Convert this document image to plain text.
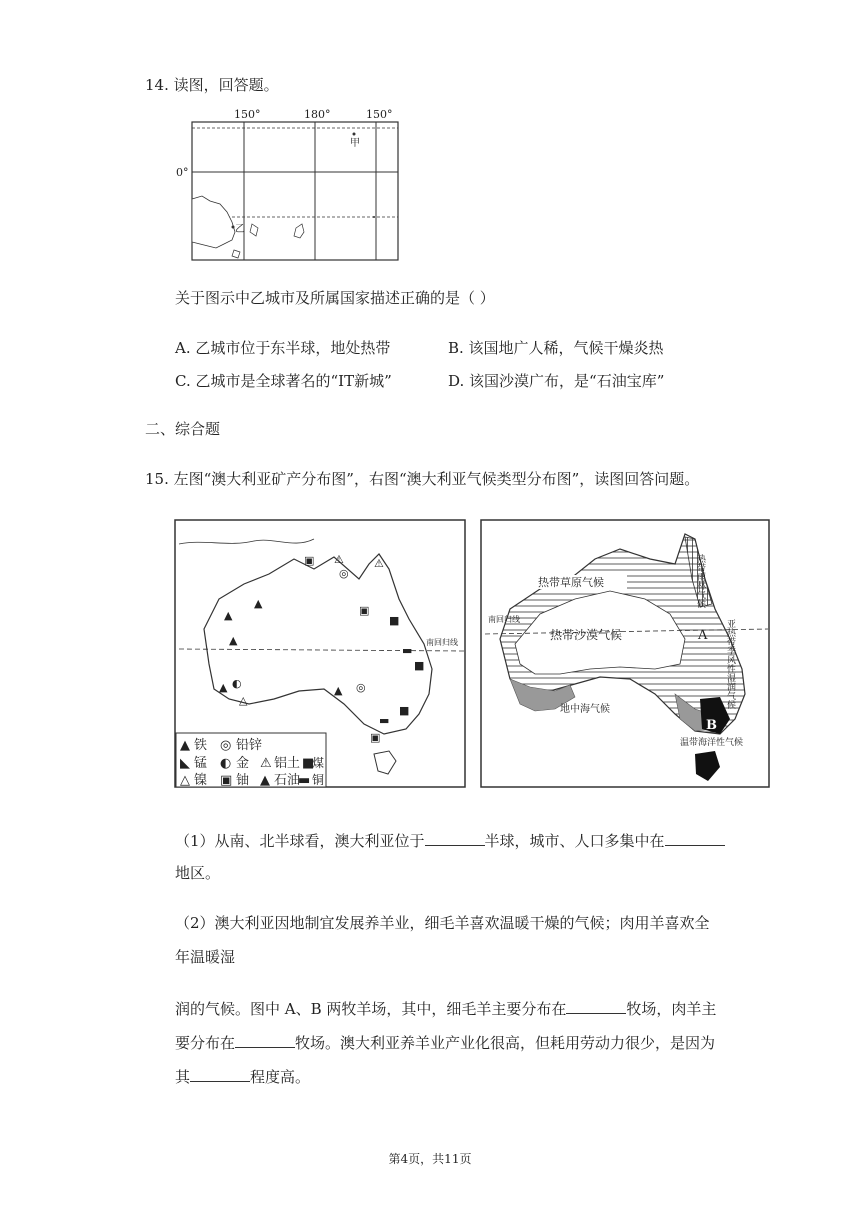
14. 读图，回答题。
150°	180°	150°
0°
甲
乙
关于图示中乙城市及所属国家描述正确的是（ ）
A. 乙城市位于东半球，地处热带	B. 该国地广人稀，气候干燥炎热
C. 乙城市是全球著名的“IT新城”	D. 该国沙漠广布，是“石油宝库”
二、综合题
15. 左图“澳大利亚矿产分布图”，右图“澳大利亚气候类型分布图”，读图回答问题。
南回归线
▲
▲
▲
▲ ◐
△
▲ ◎
■
▬
■
■
▬
▣
▣
◎
▣
⚠
⚠
▲ 铁 ◎ 铅锌
◣ 锰 ◐ 金 ⚠ 铝土
△ 镍 ▣ 铀 ▲ 石油
■
煤
▬ 铜
热带草原气候
热带沙漠气候
南回归线
地中海气候
温带海洋性气候
A
B
热带雨林气候
亚热带季风性湿润气候
（1）从南、北半球看，澳大利亚位于	半球，城市、人口多集中在
地区。
（2）澳大利亚因地制宜发展养羊业，细毛羊喜欢温暖干燥的气候；肉用羊喜欢全
年温暖湿
润的气候。图中 A、B 两牧羊场，其中，细毛羊主要分布在	牧场，肉羊主
要分布在	牧场。澳大利亚养羊业产业化很高，但耗用劳动力很少，是因为
其	程度高。
第4页，共11页
